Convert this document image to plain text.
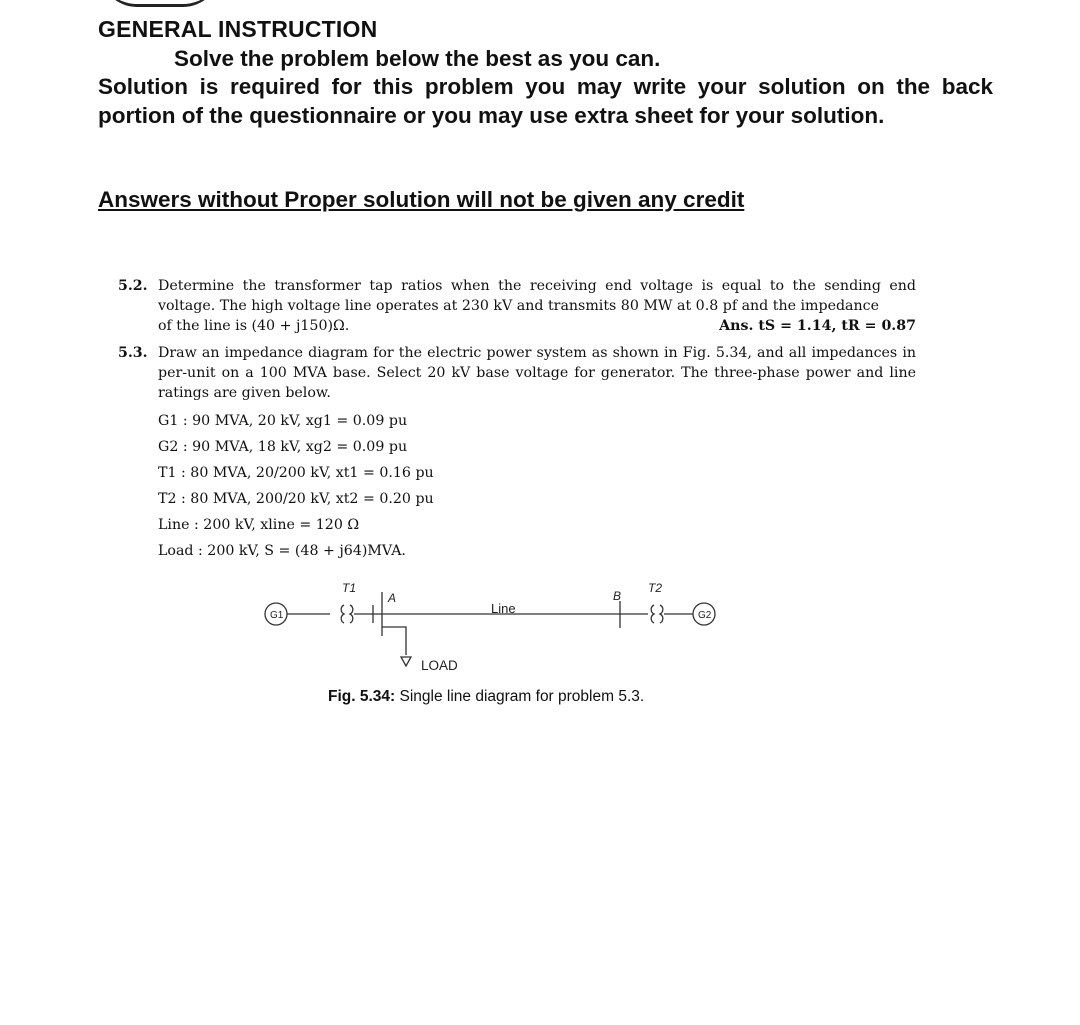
GENERAL INSTRUCTION
Solve the problem below the best as you can.
Solution is required for this problem you may write your solution on the back portion of the questionnaire or you may use extra sheet for your solution.
Answers without Proper solution will not be given any credit
5.2. Determine the transformer tap ratios when the receiving end voltage is equal to the sending end voltage. The high voltage line operates at 230 kV and transmits 80 MW at 0.8 pf and the impedance
of the line is (40 + j150)Ω.	Ans. tS = 1.14, tR = 0.87
5.3. Draw an impedance diagram for the electric power system as shown in Fig. 5.34, and all impedances in per-unit on a 100 MVA base. Select 20 kV base voltage for generator. The three-phase power and line ratings are given below.
G1 : 90 MVA, 20 kV, xg1 = 0.09 pu
G2 : 90 MVA, 18 kV, xg2 = 0.09 pu
T1 : 80 MVA, 20/200 kV, xt1 = 0.16 pu
T2 : 80 MVA, 200/20 kV, xt2 = 0.20 pu
Line : 200 kV, xline = 120 Ω
Load : 200 kV, S = (48 + j64)MVA.
G1
T1
A
Line
B
T2
G2
LOAD
Fig. 5.34: Single line diagram for problem 5.3.
